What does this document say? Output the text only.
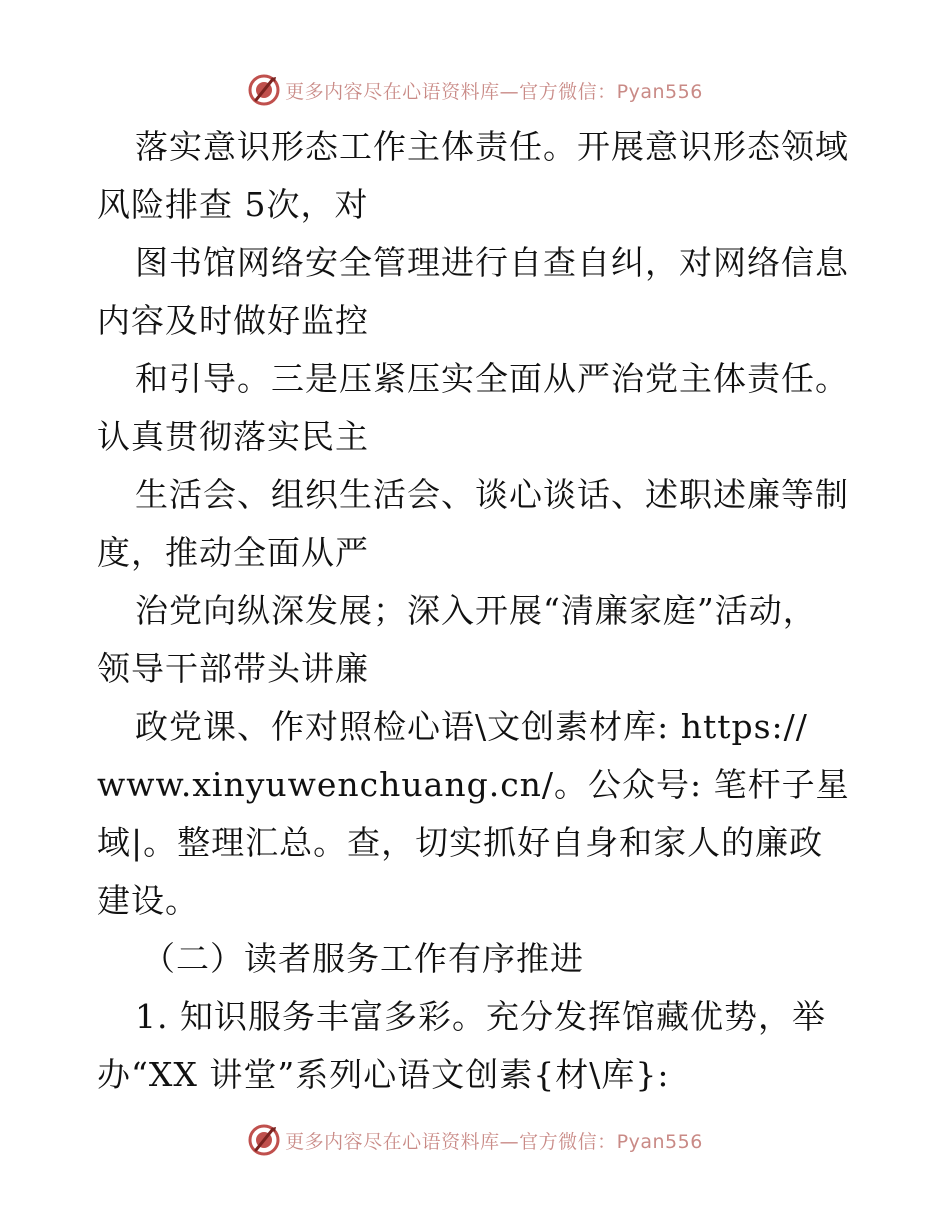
更多内容尽在心语资料库—官方微信：Pyan556
落实意识形态工作主体责任。开展意识形态领域
风险排查 5次，对
图书馆网络安全管理进行自查自纠，对网络信息
内容及时做好监控
和引导。三是压紧压实全面从严治党主体责任。
认真贯彻落实民主
生活会、组织生活会、谈心谈话、述职述廉等制
度，推动全面从严
治党向纵深发展；深入开展“清廉家庭”活动，
领导干部带头讲廉
政党课、作对照检心语\文创素材库: https://
www.xinyuwenchuang.cn/。公众号: 笔杆子星
域|。整理汇总。查，切实抓好自身和家人的廉政
建设。
（二）读者服务工作有序推进
1. 知识服务丰富多彩。充分发挥馆藏优势，举
办“XX 讲堂”系列心语文创素{材\库}:
更多内容尽在心语资料库—官方微信：Pyan556
